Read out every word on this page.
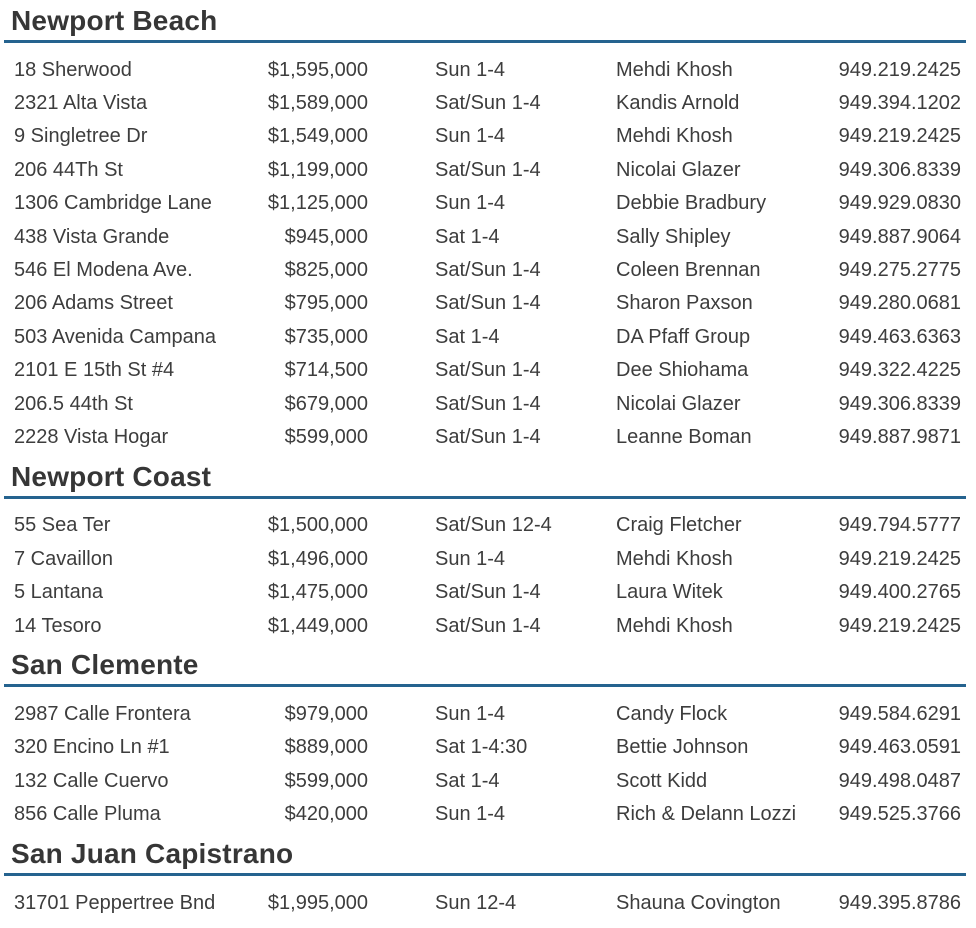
Newport Beach
18 Sherwood	$1,595,000	Sun 1-4	Mehdi Khosh	949.219.2425
2321 Alta Vista	$1,589,000	Sat/Sun 1-4	Kandis Arnold	949.394.1202
9 Singletree Dr	$1,549,000	Sun 1-4	Mehdi Khosh	949.219.2425
206 44Th St	$1,199,000	Sat/Sun 1-4	Nicolai Glazer	949.306.8339
1306 Cambridge Lane	$1,125,000	Sun 1-4	Debbie Bradbury	949.929.0830
438 Vista Grande	$945,000	Sat 1-4	Sally Shipley	949.887.9064
546 El Modena Ave.	$825,000	Sat/Sun 1-4	Coleen Brennan	949.275.2775
206 Adams Street	$795,000	Sat/Sun 1-4	Sharon Paxson	949.280.0681
503 Avenida Campana	$735,000	Sat 1-4	DA Pfaff Group	949.463.6363
2101 E 15th St #4	$714,500	Sat/Sun 1-4	Dee Shiohama	949.322.4225
206.5 44th St	$679,000	Sat/Sun 1-4	Nicolai Glazer	949.306.8339
2228 Vista Hogar	$599,000	Sat/Sun 1-4	Leanne Boman	949.887.9871
Newport Coast
55 Sea Ter	$1,500,000	Sat/Sun 12-4	Craig Fletcher	949.794.5777
7 Cavaillon	$1,496,000	Sun 1-4	Mehdi Khosh	949.219.2425
5 Lantana	$1,475,000	Sat/Sun 1-4	Laura Witek	949.400.2765
14 Tesoro	$1,449,000	Sat/Sun 1-4	Mehdi Khosh	949.219.2425
San Clemente
2987 Calle Frontera	$979,000	Sun 1-4	Candy Flock	949.584.6291
320 Encino Ln #1	$889,000	Sat 1-4:30	Bettie Johnson	949.463.0591
132 Calle Cuervo	$599,000	Sat 1-4	Scott Kidd	949.498.0487
856 Calle Pluma	$420,000	Sun 1-4	Rich & Delann Lozzi	949.525.3766
San Juan Capistrano
31701 Peppertree Bnd	$1,995,000	Sun 12-4	Shauna Covington	949.395.8786
